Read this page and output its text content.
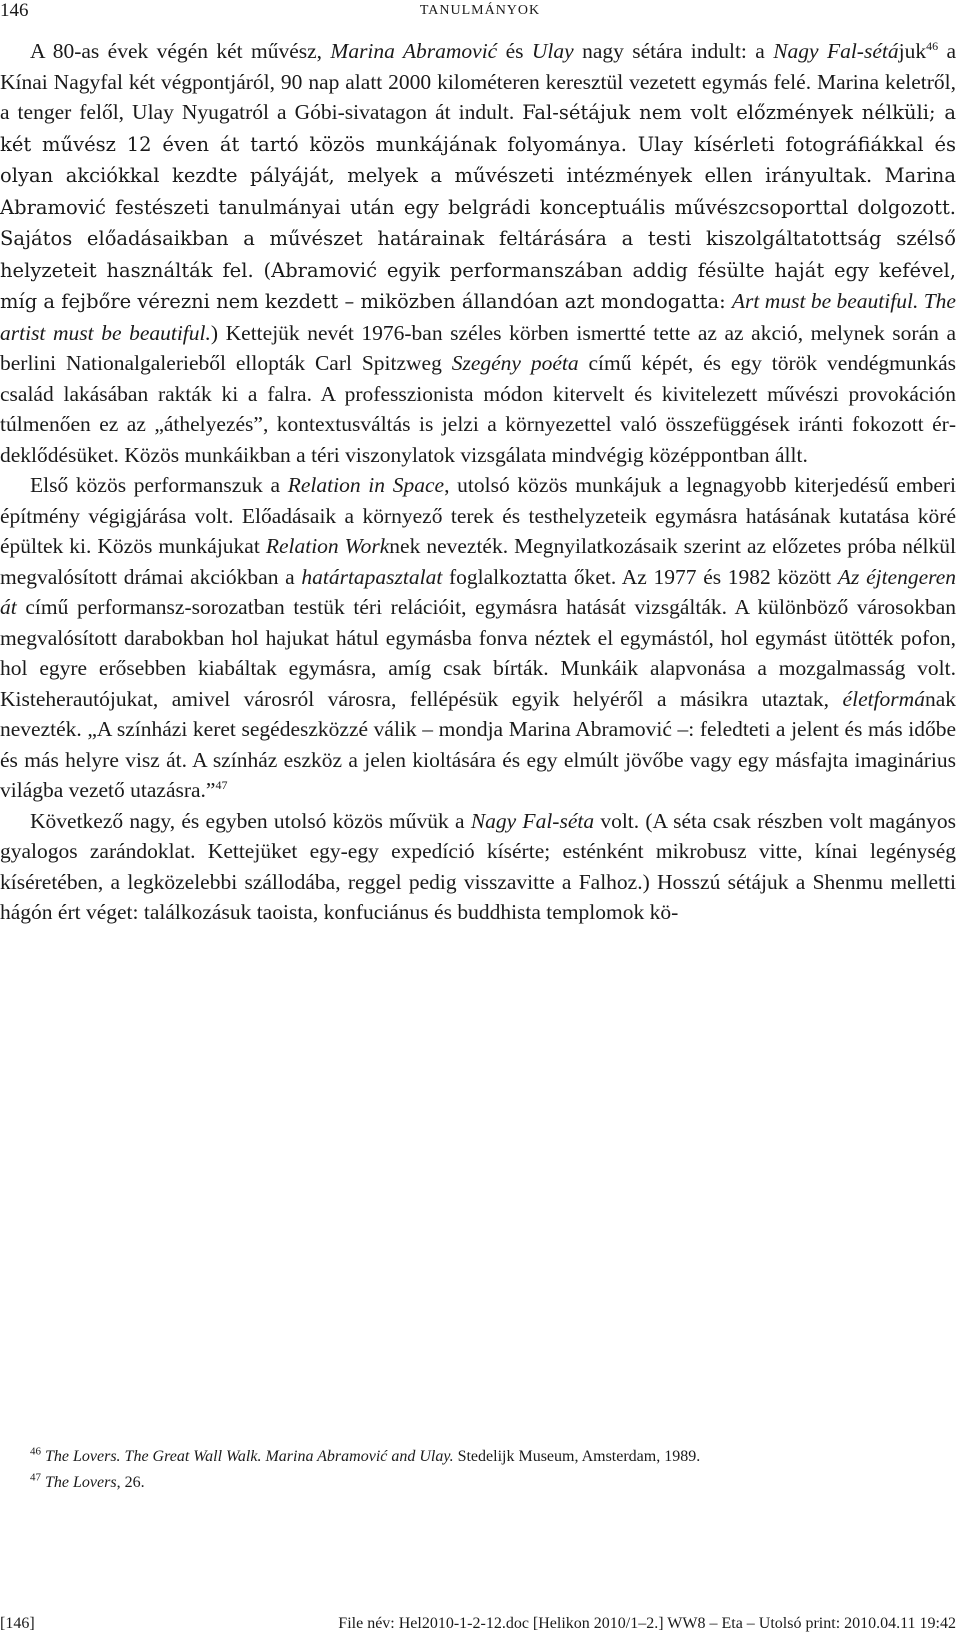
146	TANULMÁNYOK

A 80-as évek végén két művész, Marina Abramović és Ulay nagy sétára indult: a Nagy Fal-sétájuk$^{46}$ a Kínai Nagyfal két végpontjáról, 90 nap alatt 2000 kilométeren keresztül vezetett egymás felé. Marina keletről, a tenger felől, Ulay Nyugatról a Góbi-sivatagon át indult. Fal-sétájuk nem volt előzmények nélküli; a két művész 12 éven át tartó közös munkájának folyománya. Ulay kísérleti fotográfiákkal és olyan akciókkal kezdte pályáját, melyek a művészeti intézmények ellen irányultak. Marina Abramović festészeti tanulmányai után egy belgrádi konceptuális művészcsoporttal dolgozott. Sajátos előadásaikban a művészet határainak feltárására a testi kiszolgáltatottság szélső helyzeteit használták fel. (Abramović egyik performanszában addig fésülte haját egy kefével, míg a fejbőre vérezni nem kezdett – miközben állandóan azt mondogatta: Art must be beautiful. The artist must be beautiful.) Kettejük nevét 1976-ban széles körben ismertté tette az az akció, melynek során a berlini Nationalgalerieből ellopták Carl Spitzweg Szegény poéta című képét, és egy török vendégmunkás család lakásában rakták ki a falra. A professzionista módon kitervelt és kivitelezett művészi provokáción túlmenően ez az „áthelyezés”, kontextusváltás is jelzi a környezettel való összefüggések iránti fokozott érdeklődésüket. Közös munkáikban a téri viszonylatok vizsgálata mindvégig középpontban állt.

Első közös performanszuk a Relation in Space, utolsó közös munkájuk a legnagyobb kiterjedésű emberi építmény végigjárása volt. Előadásaik a környező terek és testhelyzeteik egymásra hatásának kutatása köré épültek ki. Közös munkájukat Relation Worknek nevezték. Megnyilatkozásaik szerint az előzetes próba nélkül megvalósított drámai akciókban a határtapasztalat foglalkoztatta őket. Az 1977 és 1982 között Az éjtengeren át című performansz-sorozatban testük téri relációit, egymásra hatását vizsgálták. A különböző városokban megvalósított darabokban hol hajukat hátul egymásba fonva néztek el egymástól, hol egymást ütötték pofon, hol egyre erősebben kiabáltak egymásra, amíg csak bírták. Munkáik alapvonása a mozgalmasság volt. Kisteherautójukat, amivel városról városra, fellépésük egyik helyéről a másikra utaztak, életformának nevezték. „A színházi keret segédeszközzé válik – mondja Marina Abramović –: feledteti a jelent és más időbe és más helyre visz át. A színház eszköz a jelen kioltására és egy elmúlt jövőbe vagy egy másfajta imaginárius világba vezető utazásra.”$^{47}$

Következő nagy, és egyben utolsó közös művük a Nagy Fal-séta volt. (A séta csak részben volt magányos gyalogos zarándoklat. Kettejüket egy-egy expedíció kísérte; esténként mikrobusz vitte, kínai legénység kíséretében, a legközelebbi szállodába, reggel pedig visszavitte a Falhoz.) Hosszú sétájuk a Shenmu melletti hágón ért véget: találkozásuk taoista, konfuciánus és buddhista templomok kö-

$^{46}$ The Lovers. The Great Wall Walk. Marina Abramović and Ulay. Stedelijk Museum, Amsterdam, 1989.

$^{47}$ The Lovers, 26.

[146]	File név: Hel2010-1-2-12.doc [Helikon 2010/1–2.] WW8 – Eta – Utolsó print: 2010.04.11 19:42
